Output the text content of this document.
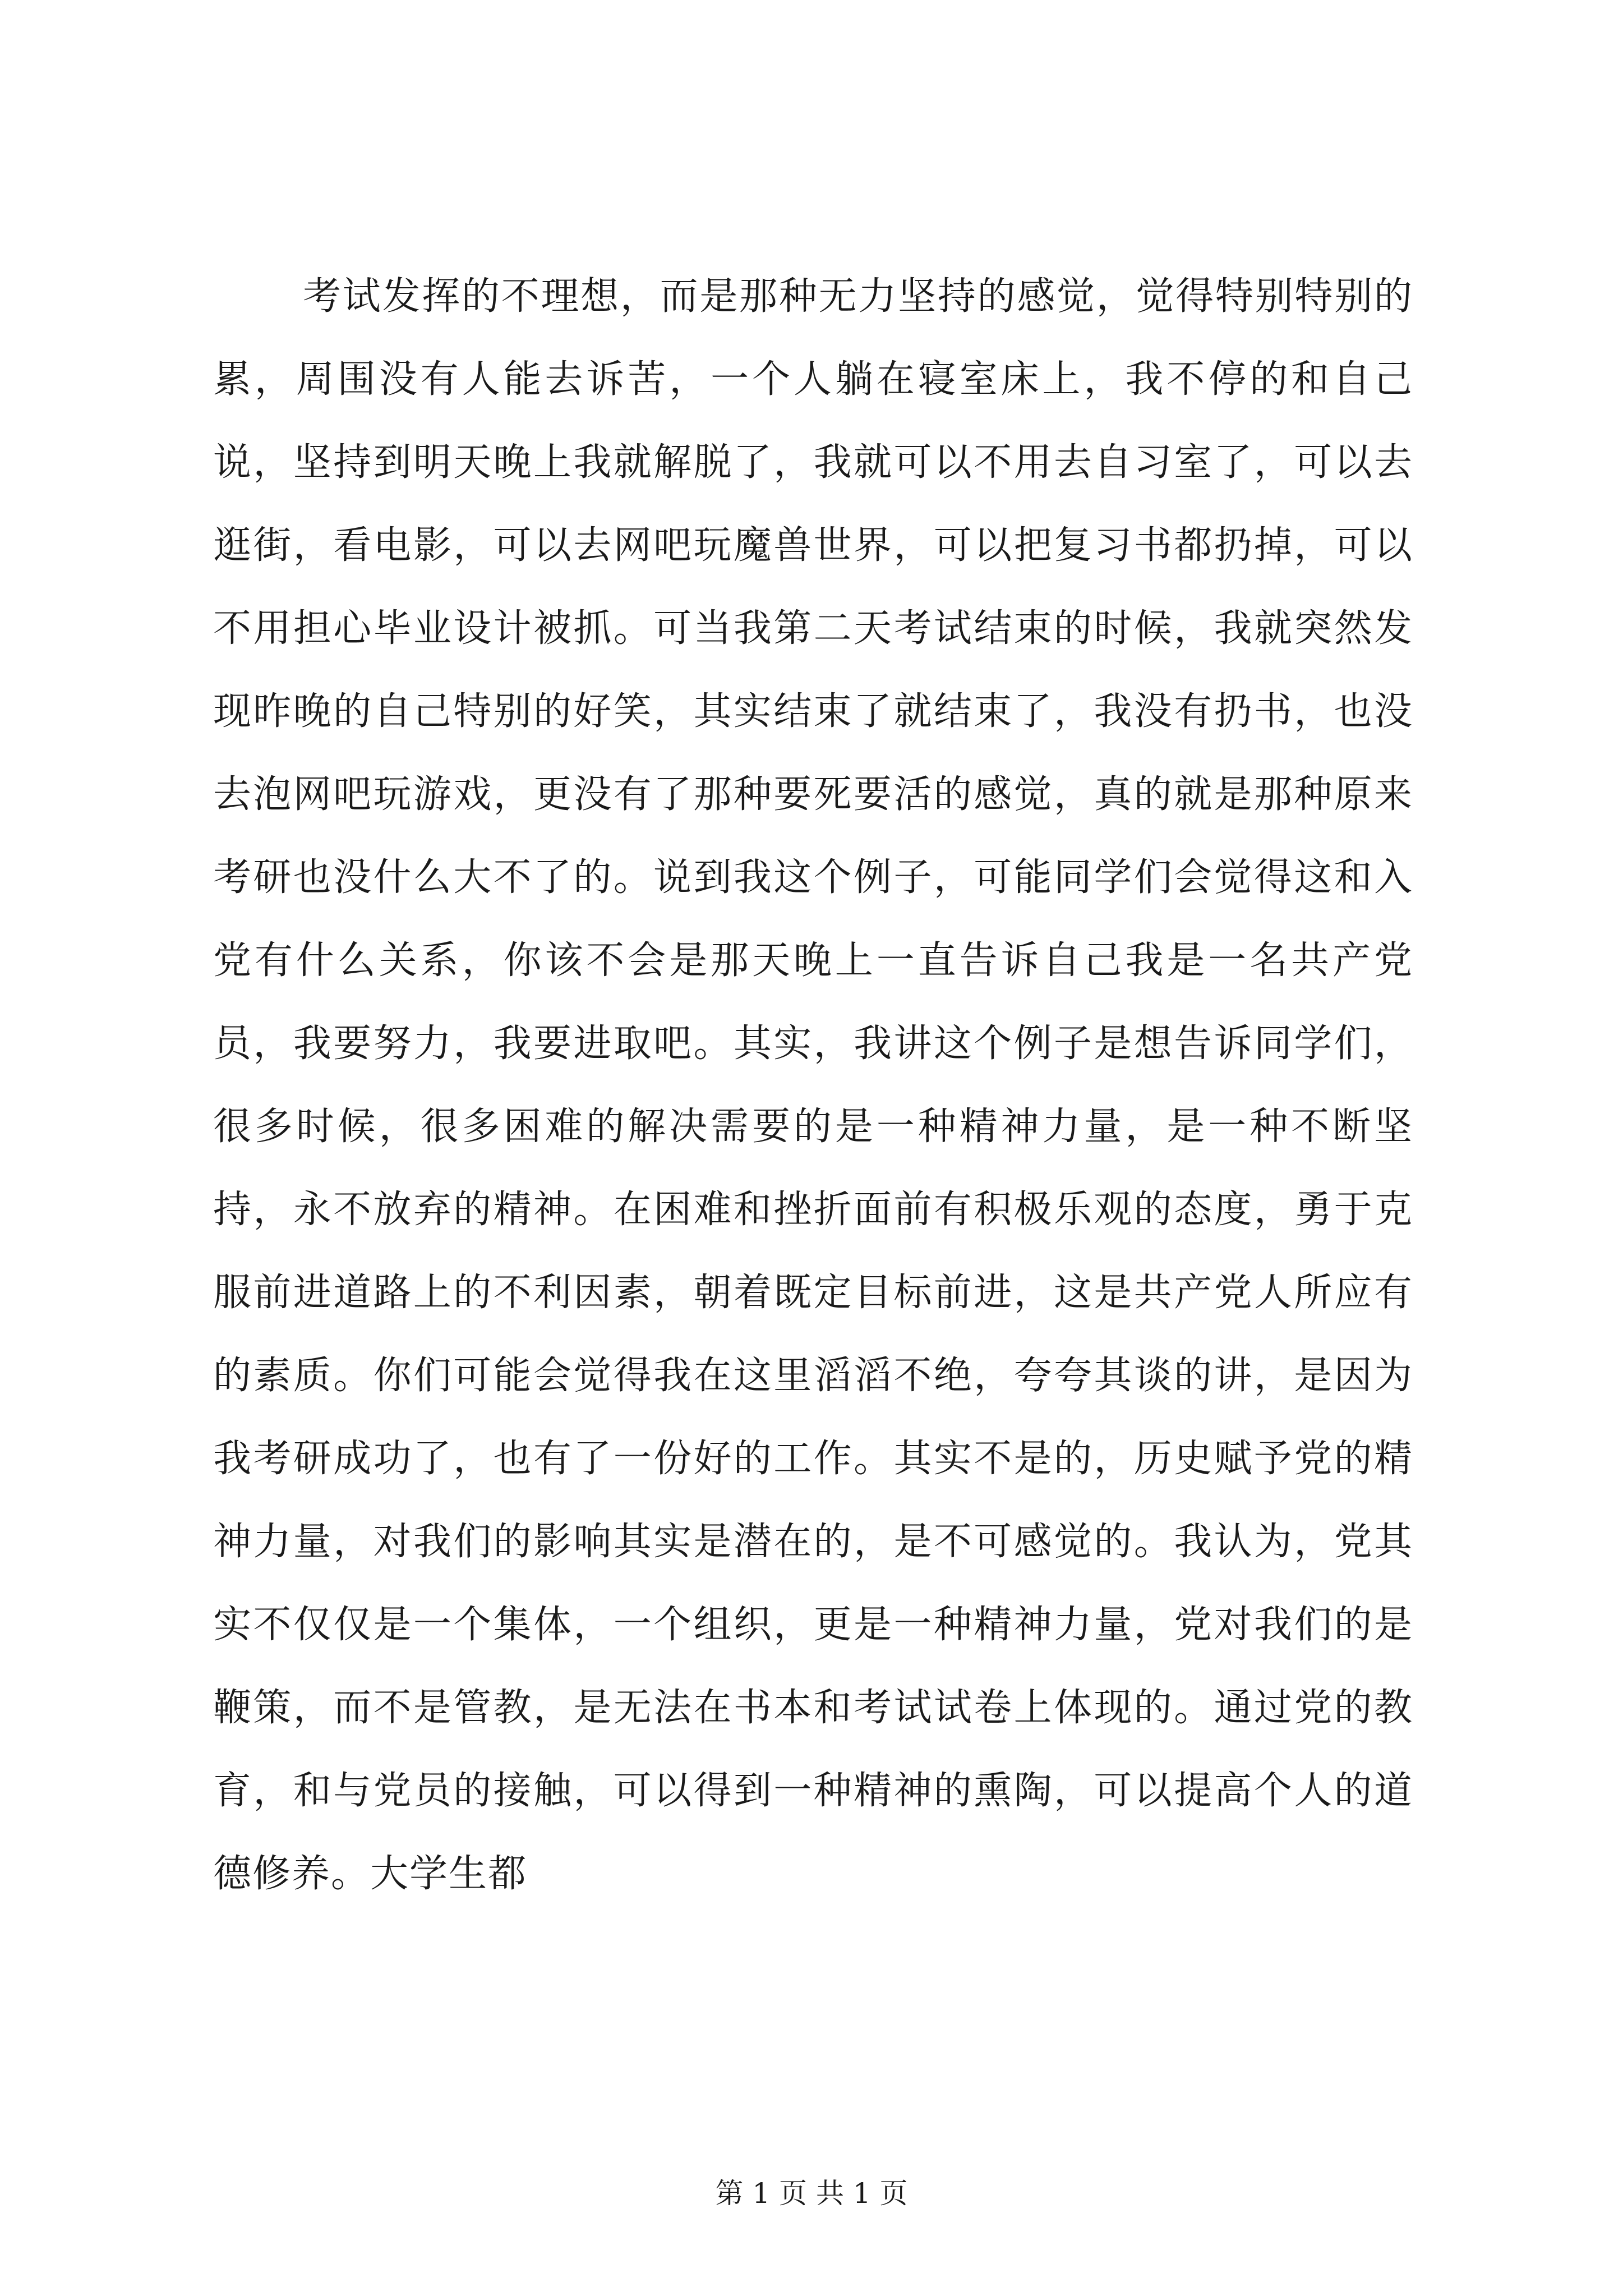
考试发挥的不理想，而是那种无力坚持的感觉，觉得特别特别的累，周围没有人能去诉苦，一个人躺在寝室床上，我不停的和自己说，坚持到明天晚上我就解脱了，我就可以不用去自习室了，可以去逛街，看电影，可以去网吧玩魔兽世界，可以把复习书都扔掉，可以不用担心毕业设计被抓。可当我第二天考试结束的时候，我就突然发现昨晚的自己特别的好笑，其实结束了就结束了，我没有扔书，也没去泡网吧玩游戏，更没有了那种要死要活的感觉，真的就是那种原来考研也没什么大不了的。说到我这个例子，可能同学们会觉得这和入党有什么关系，你该不会是那天晚上一直告诉自己我是一名共产党员，我要努力，我要进取吧。其实，我讲这个例子是想告诉同学们，很多时候，很多困难的解决需要的是一种精神力量，是一种不断坚持，永不放弃的精神。在困难和挫折面前有积极乐观的态度，勇于克服前进道路上的不利因素，朝着既定目标前进，这是共产党人所应有的素质。你们可能会觉得我在这里滔滔不绝，夸夸其谈的讲，是因为我考研成功了，也有了一份好的工作。其实不是的，历史赋予党的精神力量，对我们的影响其实是潜在的，是不可感觉的。我认为，党其实不仅仅是一个集体，一个组织，更是一种精神力量，党对我们的是鞭策，而不是管教，是无法在书本和考试试卷上体现的。通过党的教育，和与党员的接触，可以得到一种精神的熏陶，可以提高个人的道德修养。大学生都

第 1 页 共 1 页
